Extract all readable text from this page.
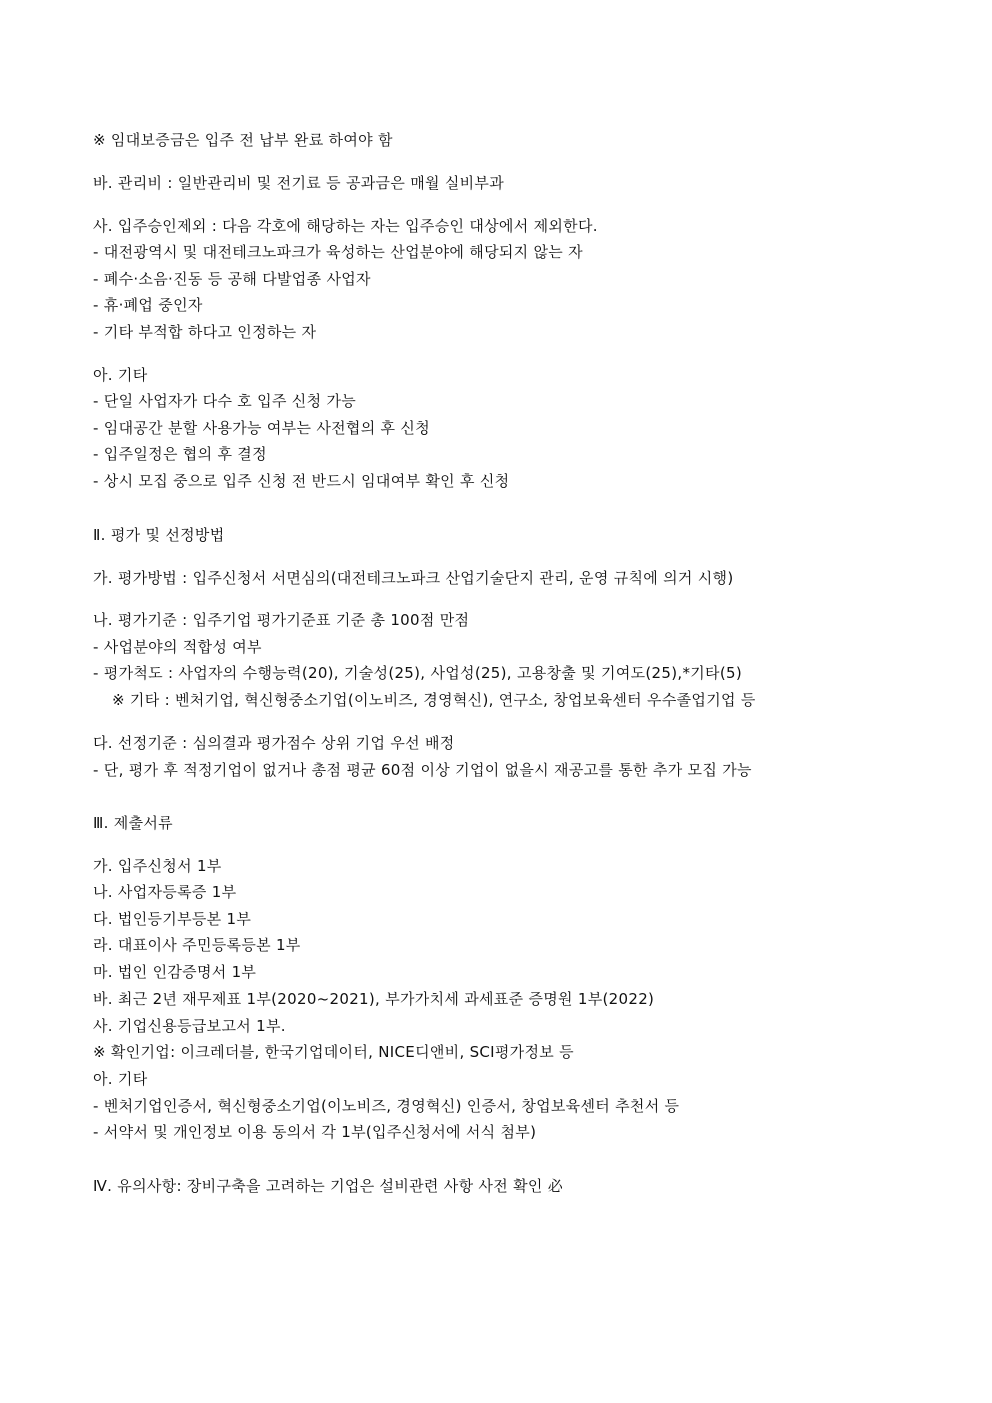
※ 임대보증금은 입주 전 납부 완료 하여야 함
바. 관리비 : 일반관리비 및 전기료 등 공과금은 매월 실비부과
사. 입주승인제외 : 다음 각호에 해당하는 자는 입주승인 대상에서 제외한다.
- 대전광역시 및 대전테크노파크가 육성하는 산업분야에 해당되지 않는 자
- 폐수·소음·진동 등 공해 다발업종 사업자
- 휴·폐업 중인자
- 기타 부적합 하다고 인정하는 자
아. 기타
- 단일 사업자가 다수 호 입주 신청 가능
- 임대공간 분할 사용가능 여부는 사전협의 후 신청
- 입주일정은 협의 후 결정
- 상시 모집 중으로 입주 신청 전 반드시 임대여부 확인 후 신청
Ⅱ. 평가 및 선정방법
가. 평가방법 : 입주신청서 서면심의(대전테크노파크 산업기술단지 관리, 운영 규칙에 의거 시행)
나. 평가기준 : 입주기업 평가기준표 기준 총 100점 만점
- 사업분야의 적합성 여부
- 평가척도 : 사업자의 수행능력(20), 기술성(25), 사업성(25), 고용창출 및 기여도(25),*기타(5)
※ 기타 : 벤처기업, 혁신형중소기업(이노비즈, 경영혁신), 연구소, 창업보육센터 우수졸업기업 등
다. 선정기준 : 심의결과 평가점수 상위 기업 우선 배정
- 단, 평가 후 적정기업이 없거나 총점 평균 60점 이상 기업이 없을시 재공고를 통한 추가 모집 가능
Ⅲ. 제출서류
가. 입주신청서 1부
나. 사업자등록증 1부
다. 법인등기부등본 1부
라. 대표이사 주민등록등본 1부
마. 법인 인감증명서 1부
바. 최근 2년 재무제표 1부(2020~2021), 부가가치세 과세표준 증명원 1부(2022)
사. 기업신용등급보고서 1부.
※ 확인기업: 이크레더블, 한국기업데이터, NICE디앤비, SCI평가정보 등
아. 기타
- 벤처기업인증서, 혁신형중소기업(이노비즈, 경영혁신) 인증서, 창업보육센터 추천서 등
- 서약서 및 개인정보 이용 동의서 각 1부(입주신청서에 서식 첨부)
Ⅳ. 유의사항: 장비구축을 고려하는 기업은 설비관련 사항 사전 확인 必
